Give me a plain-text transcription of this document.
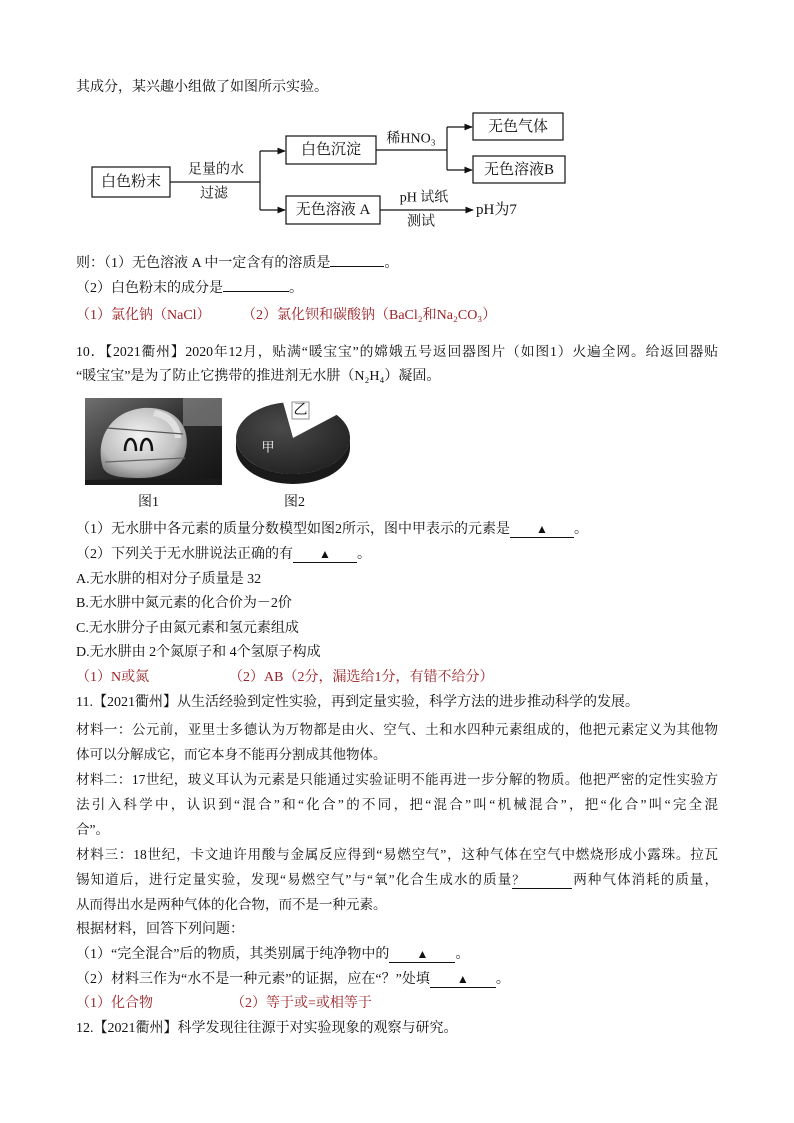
其成分，某兴趣小组做了如图所示实验。
白色粉末
足量的水
过滤
白色沉淀
无色溶液 A
稀HNO₃
无色气体
无色溶液B
pH 试纸
测试
pH为7
则：（1）无色溶液 A 中一定含有的溶质是	。
（2）白色粉末的成分是	。
（1）氯化钠（NaCl） （2）氯化钡和碳酸钠（BaCl₂和Na₂CO₃）
10．【2021衢州】2020年12月，贴满“暖宝宝”的嫦娥五号返回器图片（如图1）火遍全网。给返回器贴
“暖宝宝”是为了防止它携带的推进剂无水肼（N₂H₄）凝固。
乙
甲
图1	图2
（1）无水肼中各元素的质量分数模型如图2所示，图中甲表示的元素是 ▲ 。
（2）下列关于无水肼说法正确的有 ▲ 。
A.无水肼的相对分子质量是 32
B.无水肼中氮元素的化合价为－2价
C.无水肼分子由氮元素和氢元素组成
D.无水肼由 2个氮原子和 4个氢原子构成
（1）N或氮	（2）AB（2分，漏选给1分，有错不给分）
11.【2021衢州】从生活经验到定性实验，再到定量实验，科学方法的进步推动科学的发展。
材料一：公元前，亚里士多德认为万物都是由火、空气、土和水四种元素组成的，他把元素定义为其他物
体可以分解成它，而它本身不能再分割成其他物体。
材料二：17世纪，玻义耳认为元素是只能通过实验证明不能再进一步分解的物质。他把严密的定性实验方
法引入科学中，认识到“混合”和“化合”的不同，把“混合”叫“机械混合”，把“化合”叫“完全混
合”。
材料三：18世纪，卡文迪许用酸与金属反应得到“易燃空气”，这种气体在空气中燃烧形成小露珠。拉瓦
锡知道后，进行定量实验，发现“易燃空气”与“氧”化合生成水的质量？	两种气体消耗的质量，
从而得出水是两种气体的化合物，而不是一种元素。
根据材料，回答下列问题：
（1）“完全混合”后的物质，其类别属于纯净物中的 ▲ 。
（2）材料三作为“水不是一种元素”的证据，应在“？”处填 ▲ 。
（1）化合物	（2）等于或=或相等于
12.【2021衢州】科学发现往往源于对实验现象的观察与研究。
